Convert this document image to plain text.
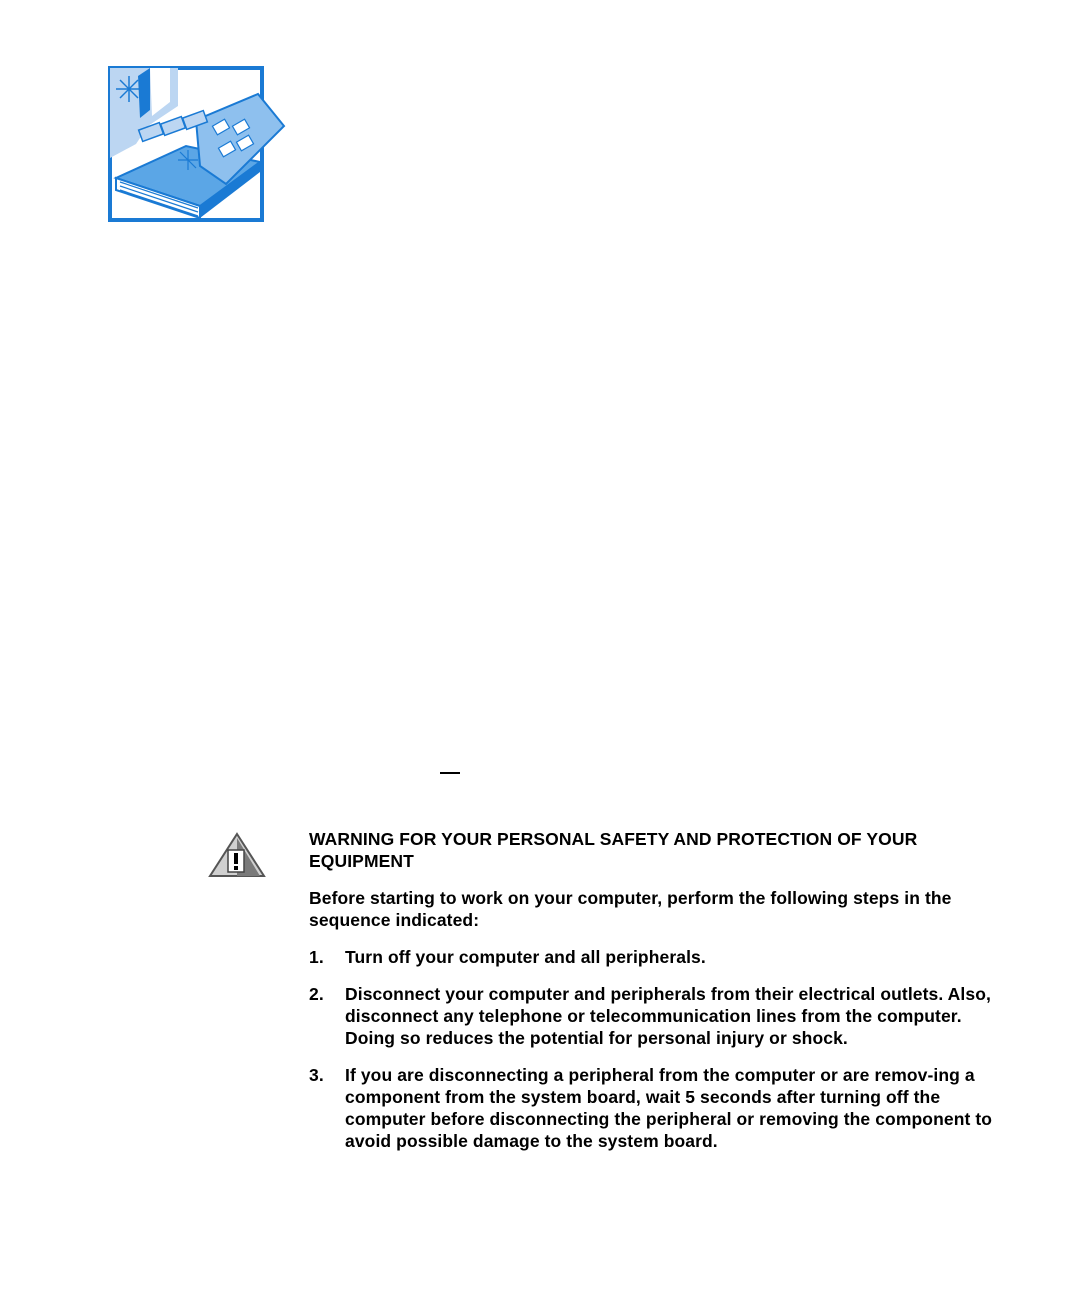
WARNING FOR YOUR PERSONAL SAFETY AND PROTECTION OF YOUR EQUIPMENT
Before starting to work on your computer, perform the following steps in the sequence indicated:
1.	Turn off your computer and all peripherals.
2.	Disconnect your computer and peripherals from their electrical outlets. Also, disconnect any telephone or telecommunication lines from the computer. Doing so reduces the potential for personal injury or shock.
3.	If you are disconnecting a peripheral from the computer or are remov-ing a component from the system board, wait 5 seconds after turning off the computer before disconnecting the peripheral or removing the component to avoid possible damage to the system board.
